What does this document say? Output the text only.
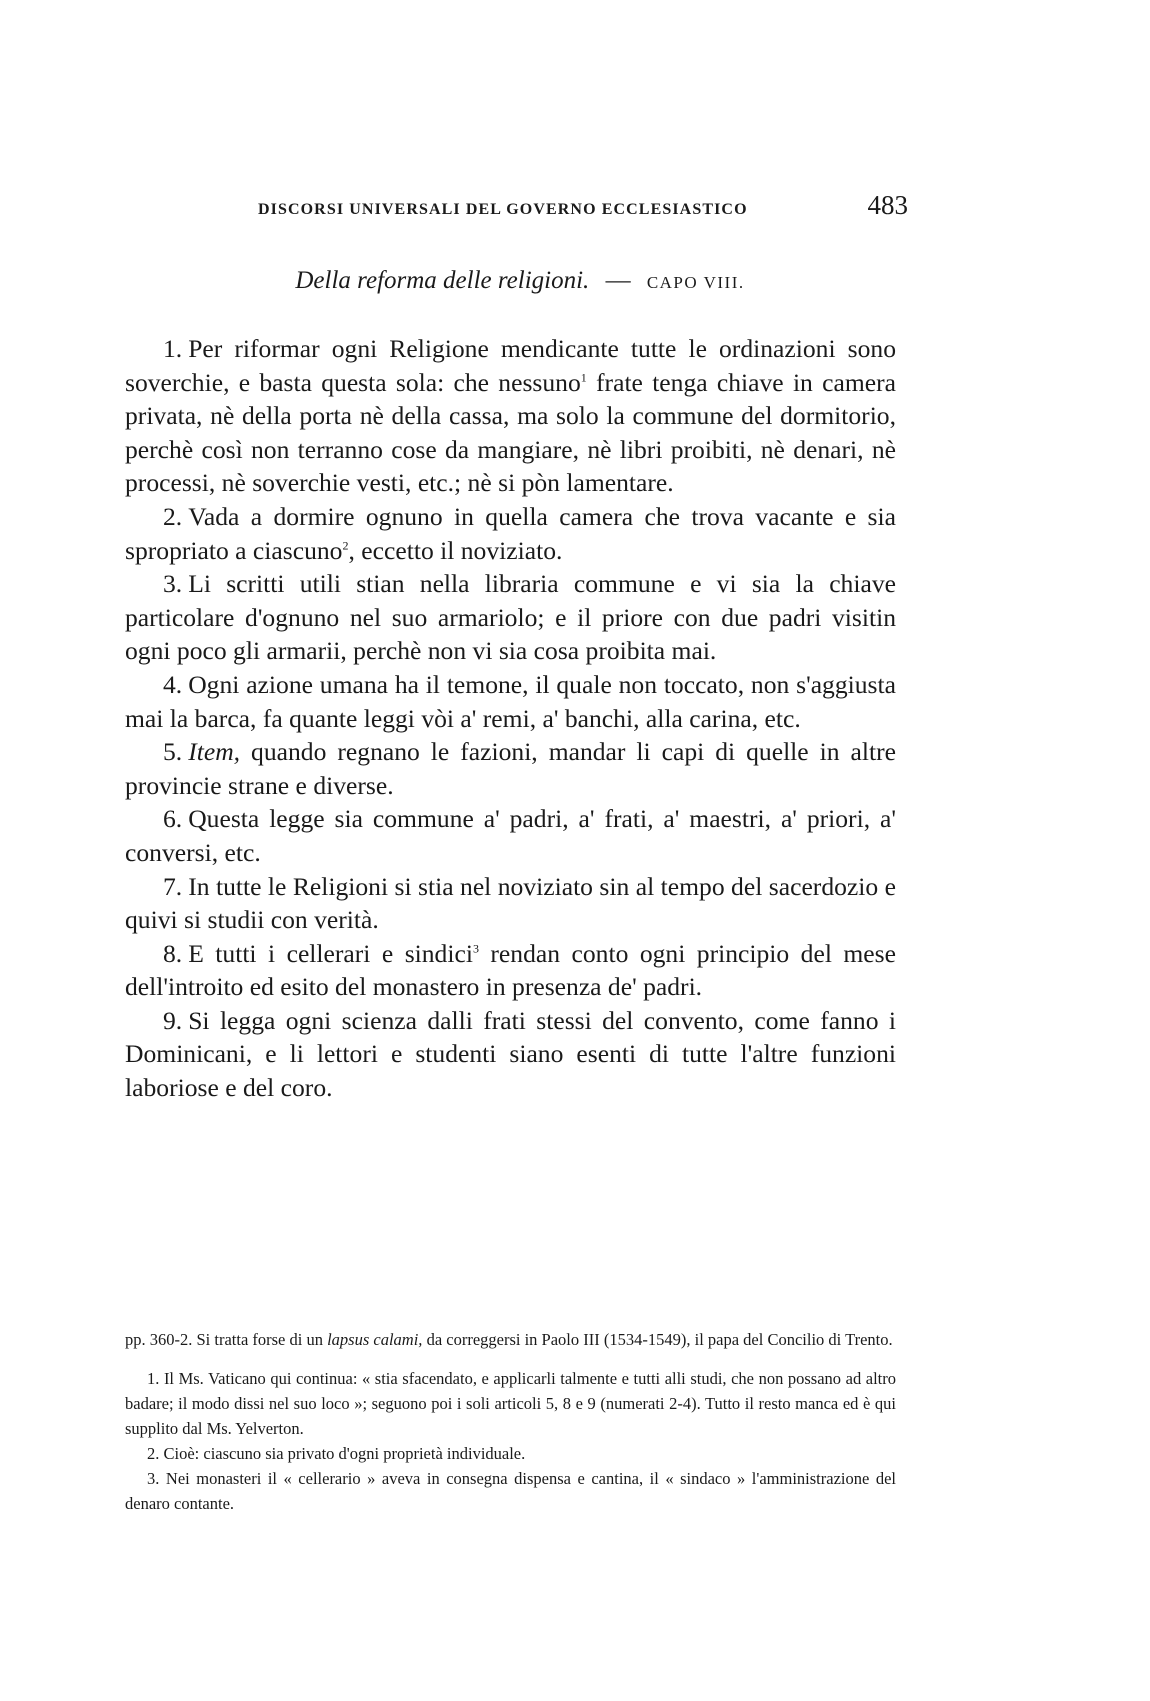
DISCORSI UNIVERSALI DEL GOVERNO ECCLESIASTICO	483
Della reforma delle religioni. — CAPO VIII.

1. Per riformar ogni Religione mendicante tutte le ordinazioni sono soverchie, e basta questa sola: che nessuno$^1$ frate tenga chiave in camera privata, nè della porta nè della cassa, ma solo la commune del dormitorio, perchè così non terranno cose da mangiare, nè libri proibiti, nè denari, nè processi, nè soverchie vesti, etc.; nè si pòn lamentare.

2. Vada a dormire ognuno in quella camera che trova vacante e sia spropriato a ciascuno$^2$, eccetto il noviziato.

3. Li scritti utili stian nella libraria commune e vi sia la chiave particolare d'ognuno nel suo armariolo; e il priore con due padri visitin ogni poco gli armarii, perchè non vi sia cosa proibita mai.

4. Ogni azione umana ha il temone, il quale non toccato, non s'aggiusta mai la barca, fa quante leggi vòi a' remi, a' banchi, alla carina, etc.

5. Item, quando regnano le fazioni, mandar li capi di quelle in altre provincie strane e diverse.

6. Questa legge sia commune a' padri, a' frati, a' maestri, a' priori, a' conversi, etc.

7. In tutte le Religioni si stia nel noviziato sin al tempo del sacerdozio e quivi si studii con verità.

8. E tutti i cellerari e sindici$^3$ rendan conto ogni principio del mese dell'introito ed esito del monastero in presenza de' padri.

9. Si legga ogni scienza dalli frati stessi del convento, come fanno i Dominicani, e li lettori e studenti siano esenti di tutte l'altre funzioni laboriose e del coro.

pp. 360-2. Si tratta forse di un lapsus calami, da correggersi in Paolo III (1534-1549), il papa del Concilio di Trento.

1. Il Ms. Vaticano qui continua: « stia sfacendato, e applicarli talmente e tutti alli studi, che non possano ad altro badare; il modo dissi nel suo loco »; seguono poi i soli articoli 5, 8 e 9 (numerati 2-4). Tutto il resto manca ed è qui supplito dal Ms. Yelverton.

2. Cioè: ciascuno sia privato d'ogni proprietà individuale.

3. Nei monasteri il « cellerario » aveva in consegna dispensa e cantina, il « sindaco » l'amministrazione del denaro contante.
